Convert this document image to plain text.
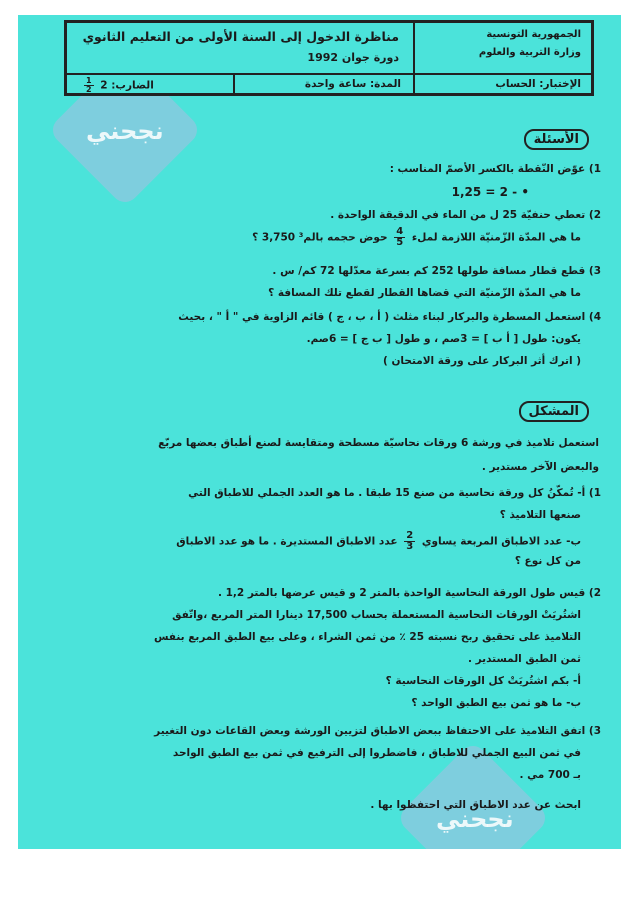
نجحني
نجحني
الجمهورية التونسية
وزارة التربية والعلوم
مناظرة الدخول إلى السنة الأولى من التعليم الثانوي
دورة جوان 1992
الإختبار: الحساب
المدة: ساعة واحدة
الضارب: 2
$\frac{1}{2}$
الأسئلة
1) عوّض النّقطة بالكسر الأصمّ المناسب :
1,25 = 2 - •
2) تعطي حنفيّة 25 ل من الماء في الدقيقة الواحدة .
ما هي المدّة الزّمنيّة اللازمة لملء
$\frac{4}{5}$
حوض حجمه بالم³ 3,750 ؟
3) قطع قطار مسافة طولها 252 كم بسرعة معدّلها 72 كم/ س .
ما هي المدّة الزّمنيّة التي قضاها القطار لقطع تلك المسافة ؟
4) استعمل المسطرة والبركار لبناء مثلث ( أ ، ب ، ج ) قائم الزاوية في " أ " ، بحيث
يكون: طول [ أ ب ] = 3صم ، و طول [ ب ج ] = 6صم.
( اترك أثر البركار على ورقة الامتحان )
المشكل
استعمل تلاميذ في ورشة 6 ورقات نحاسيّة مسطحة ومتقايسة لصنع أطباق بعضها مربّع
والبعض الآخر مستدير .
1) أ- تُمكّنُ كل ورقة نحاسية من صنع 15 طبقا . ما هو العدد الجملي للاطباق التي
صنعها التلاميذ ؟
ب- عدد الاطباق المربعة يساوي
$\frac{2}{3}$
عدد الاطباق المستديرة . ما هو عدد الاطباق
من كل نوع ؟
2) قيس طول الورقة النحاسية الواحدة بالمتر 2 و قيس عرضها بالمتر 1,2 .
اشتُريَتْ الورقات النحاسية المستعملة بحساب 17,500 دينارا المتر المربع ،واتّفق
التلاميذ على تحقيق ربح نسبته 25 ٪ من ثمن الشراء ، وعلى بيع الطبق المربع بنفس
ثمن الطبق المستدير .
أ- بكم اشتُريَتْ كل الورقات النحاسية ؟
ب- ما هو ثمن بيع الطبق الواحد ؟
3) اتفق التلاميذ على الاحتفاظ ببعض الاطباق لتزيين الورشة وبعض القاعات دون التغيير
في ثمن البيع الجملي للاطباق ، فاضطروا إلى الترفيع في ثمن بيع الطبق الواحد
بـ 700 مي .
ابحث عن عدد الاطباق التي احتفظوا بها .
